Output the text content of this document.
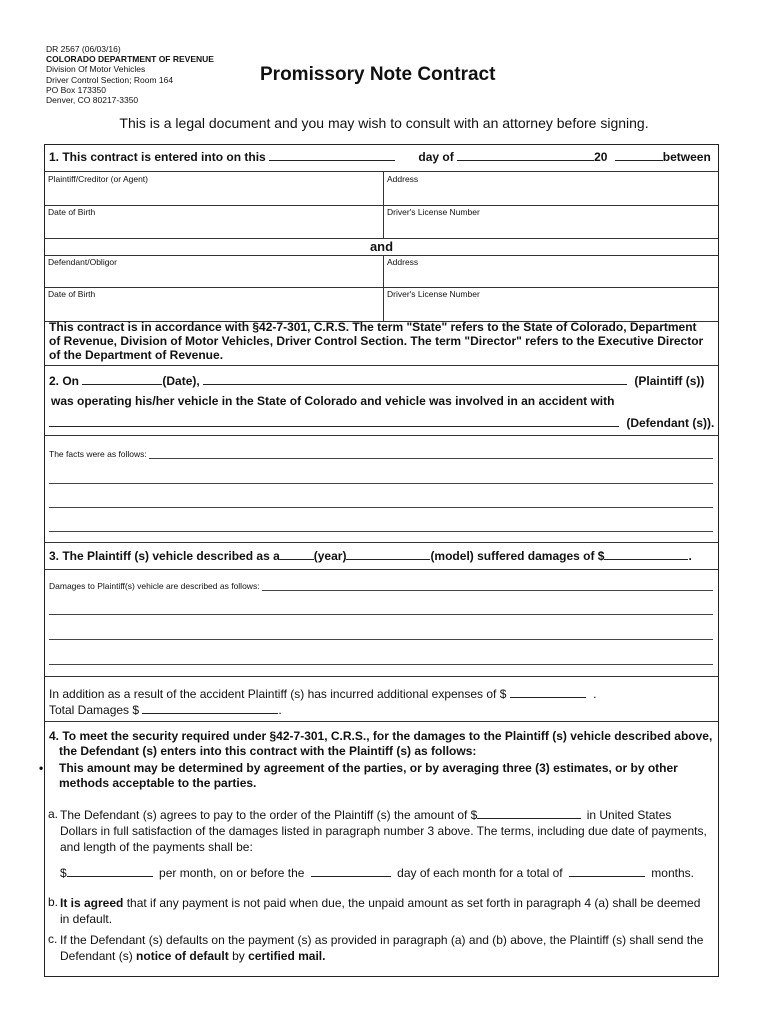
DR 2567 (06/03/16)
COLORADO DEPARTMENT OF REVENUE
Division Of Motor Vehicles
Driver Control Section; Room 164
PO Box 173350
Denver, CO 80217-3350
Promissory Note Contract
This is a legal document and you may wish to consult with an attorney before signing.
1. This contract is entered into on this	day of	20	between
Plaintiff/Creditor (or Agent)	Address
Date of Birth	Driver's License Number
and
Defendant/Obligor	Address
Date of Birth	Driver's License Number
This contract is in accordance with §42-7-301, C.R.S. The term "State" refers to the State of Colorado, Department of Revenue, Division of Motor Vehicles, Driver Control Section. The term "Director" refers to the Executive Director of the Department of Revenue.
2. On	(Date),	(Plaintiff (s))
was operating his/her vehicle in the State of Colorado and vehicle was involved in an accident with
(Defendant (s)).
The facts were as follows:
3. The Plaintiff (s) vehicle described as a	(year)	(model) suffered damages of $	.
Damages to Plaintiff(s) vehicle are described as follows:
In addition as a result of the accident Plaintiff (s) has incurred additional expenses of $	.
Total Damages $	.
4. To meet the security required under §42-7-301, C.R.S., for the damages to the Plaintiff (s) vehicle described above, the Defendant (s) enters into this contract with the Plaintiff (s) as follows:
• This amount may be determined by agreement of the parties, or by averaging three (3) estimates, or by other methods acceptable to the parties.
a. The Defendant (s) agrees to pay to the order of the Plaintiff (s) the amount of $	in United States
Dollars in full satisfaction of the damages listed in paragraph number 3 above. The terms, including due date of payments, and length of the payments shall be:
$	per month, on or before the	day of each month for a total of	months.
b. It is agreed that if any payment is not paid when due, the unpaid amount as set forth in paragraph 4 (a) shall be deemed in default.
c. If the Defendant (s) defaults on the payment (s) as provided in paragraph (a) and (b) above, the Plaintiff (s) shall send the Defendant (s) notice of default by certified mail.
